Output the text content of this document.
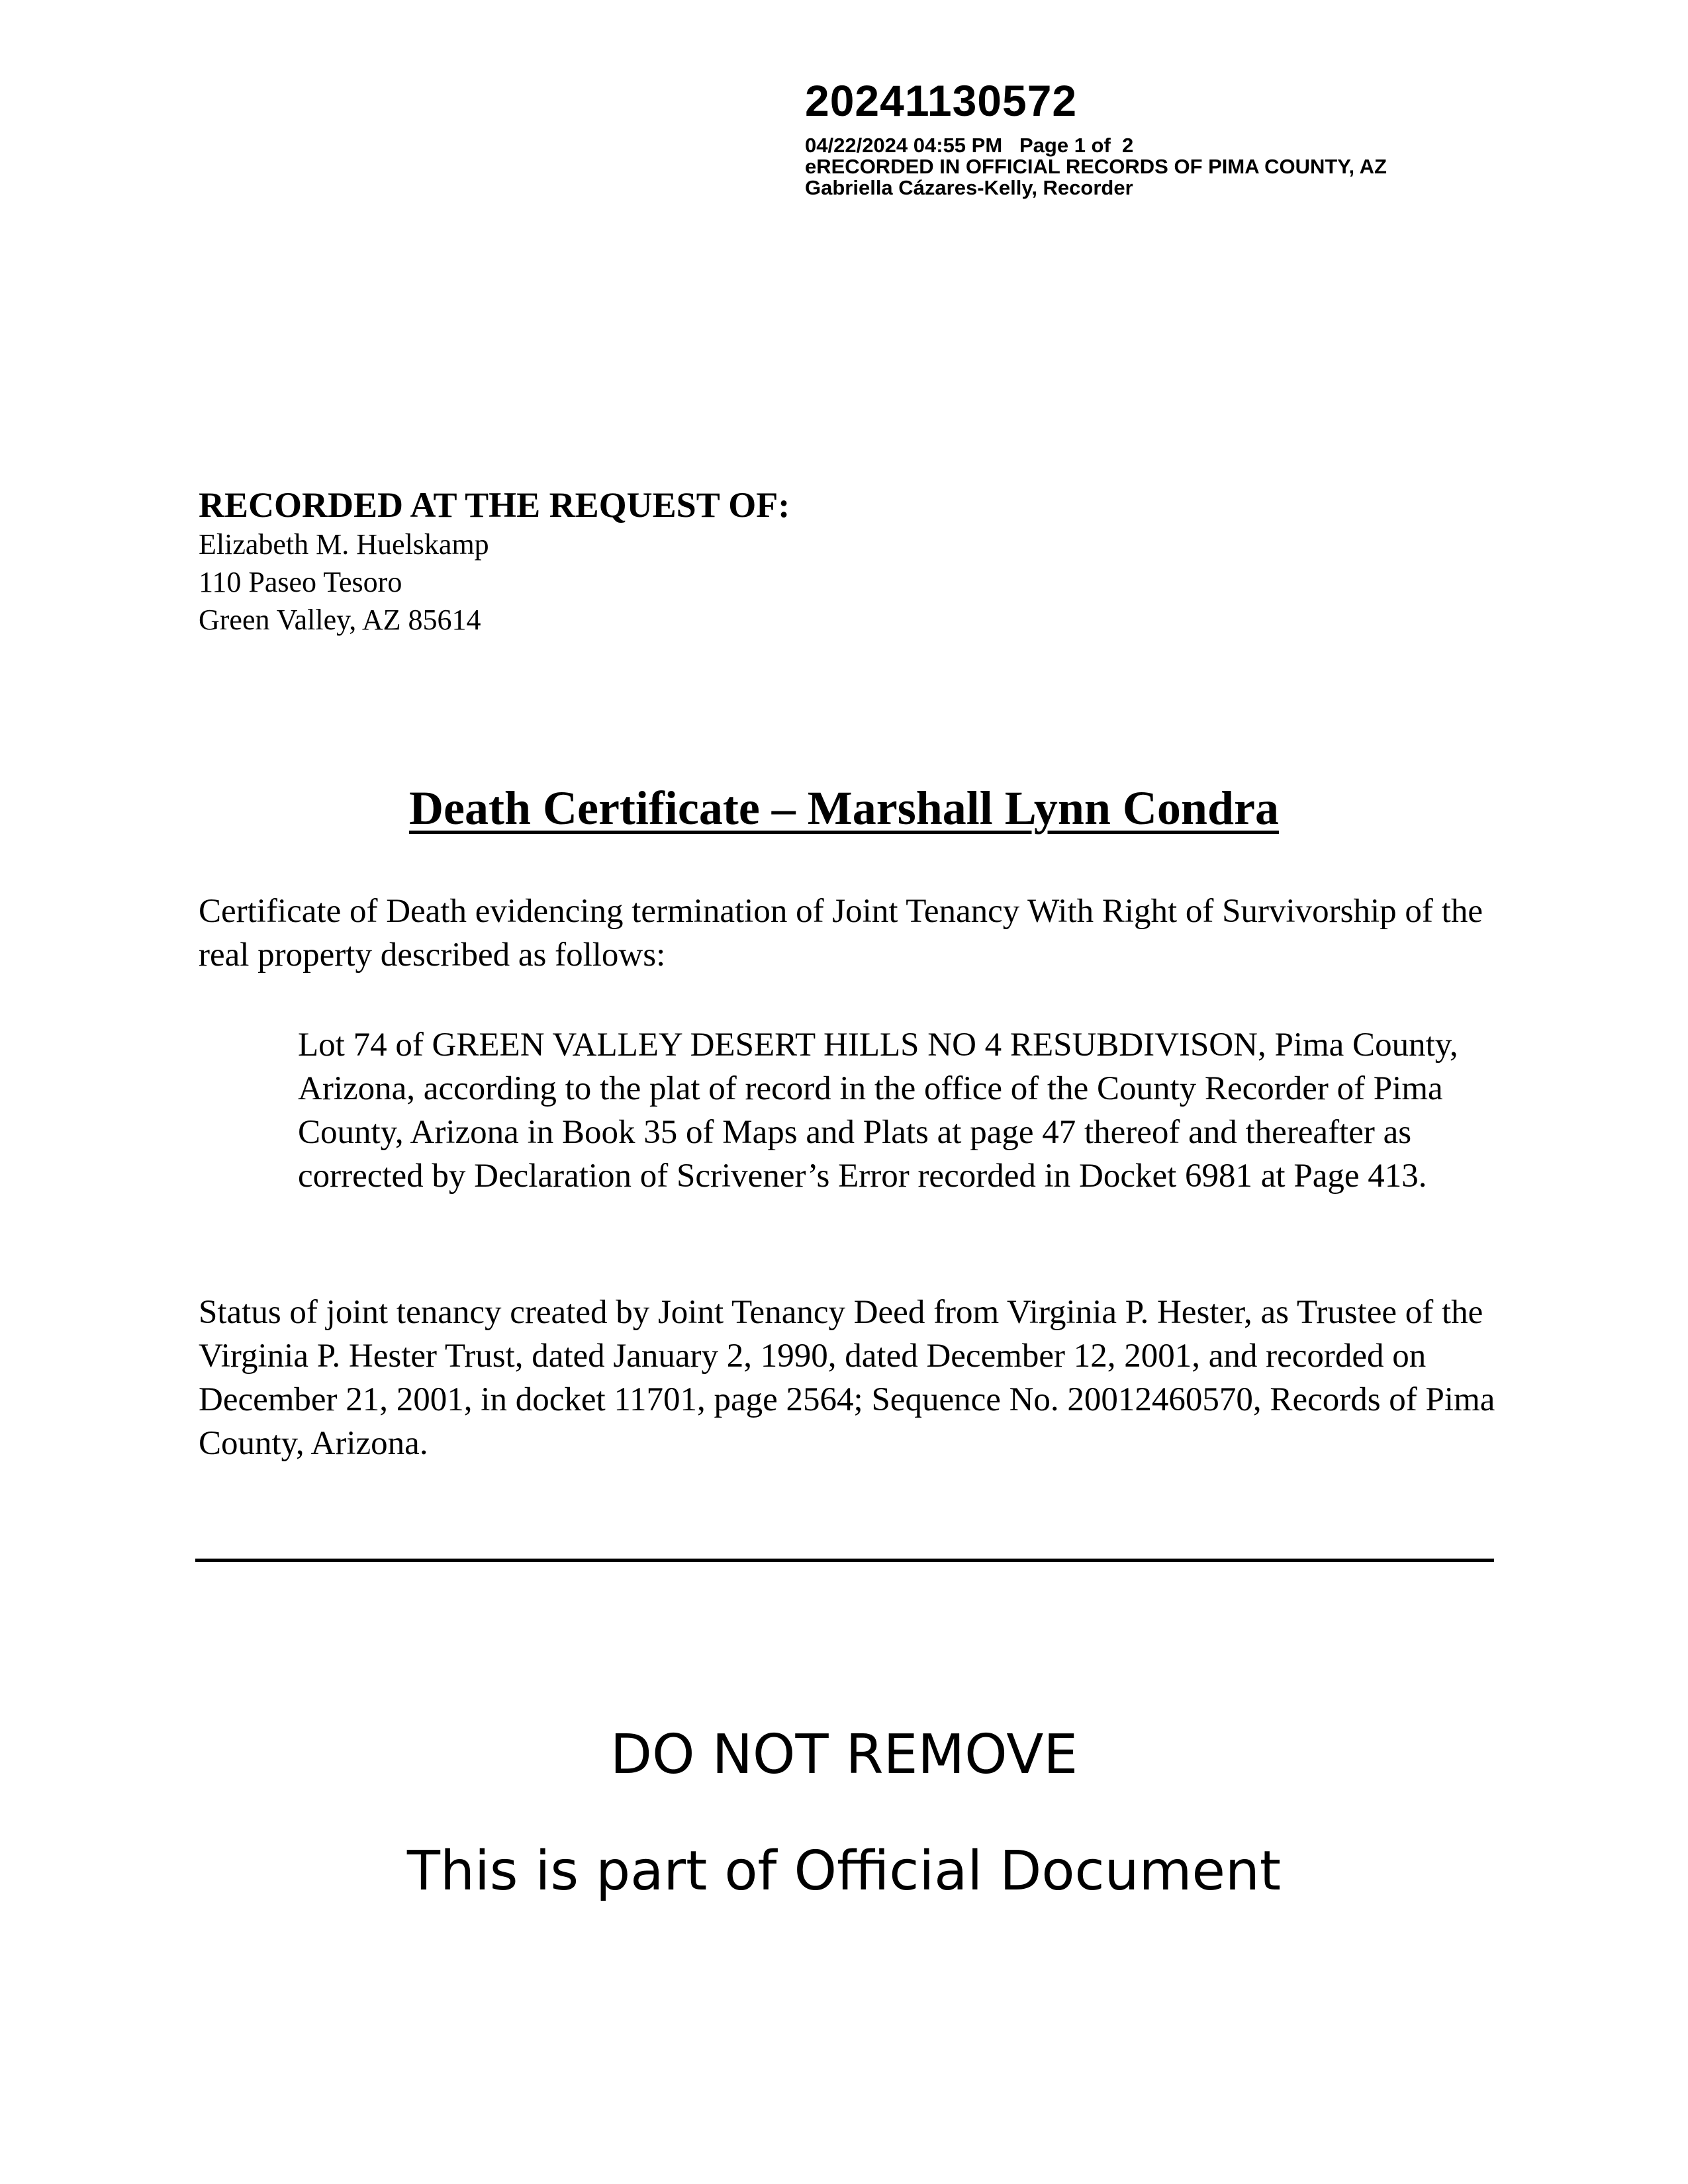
20241130572
04/22/2024 04:55 PM   Page 1 of  2
eRECORDED IN OFFICIAL RECORDS OF PIMA COUNTY, AZ
Gabriella Cázares-Kelly, Recorder
RECORDED AT THE REQUEST OF:
Elizabeth M. Huelskamp
110 Paseo Tesoro
Green Valley, AZ 85614
Death Certificate – Marshall Lynn Condra
Certificate of Death evidencing termination of Joint Tenancy With Right of Survivorship of the real property described as follows:
Lot 74 of GREEN VALLEY DESERT HILLS NO 4 RESUBDIVISON, Pima County, Arizona, according to the plat of record in the office of the County Recorder of Pima County, Arizona in Book 35 of Maps and Plats at page 47 thereof and thereafter as corrected by Declaration of Scrivener’s Error recorded in Docket 6981 at Page 413.
Status of joint tenancy created by Joint Tenancy Deed from Virginia P. Hester, as Trustee of the Virginia P. Hester Trust, dated January 2, 1990, dated December 12, 2001, and recorded on December 21, 2001, in docket 11701, page 2564; Sequence No. 20012460570, Records of Pima County, Arizona.
DO NOT REMOVE
This is part of Official Document
